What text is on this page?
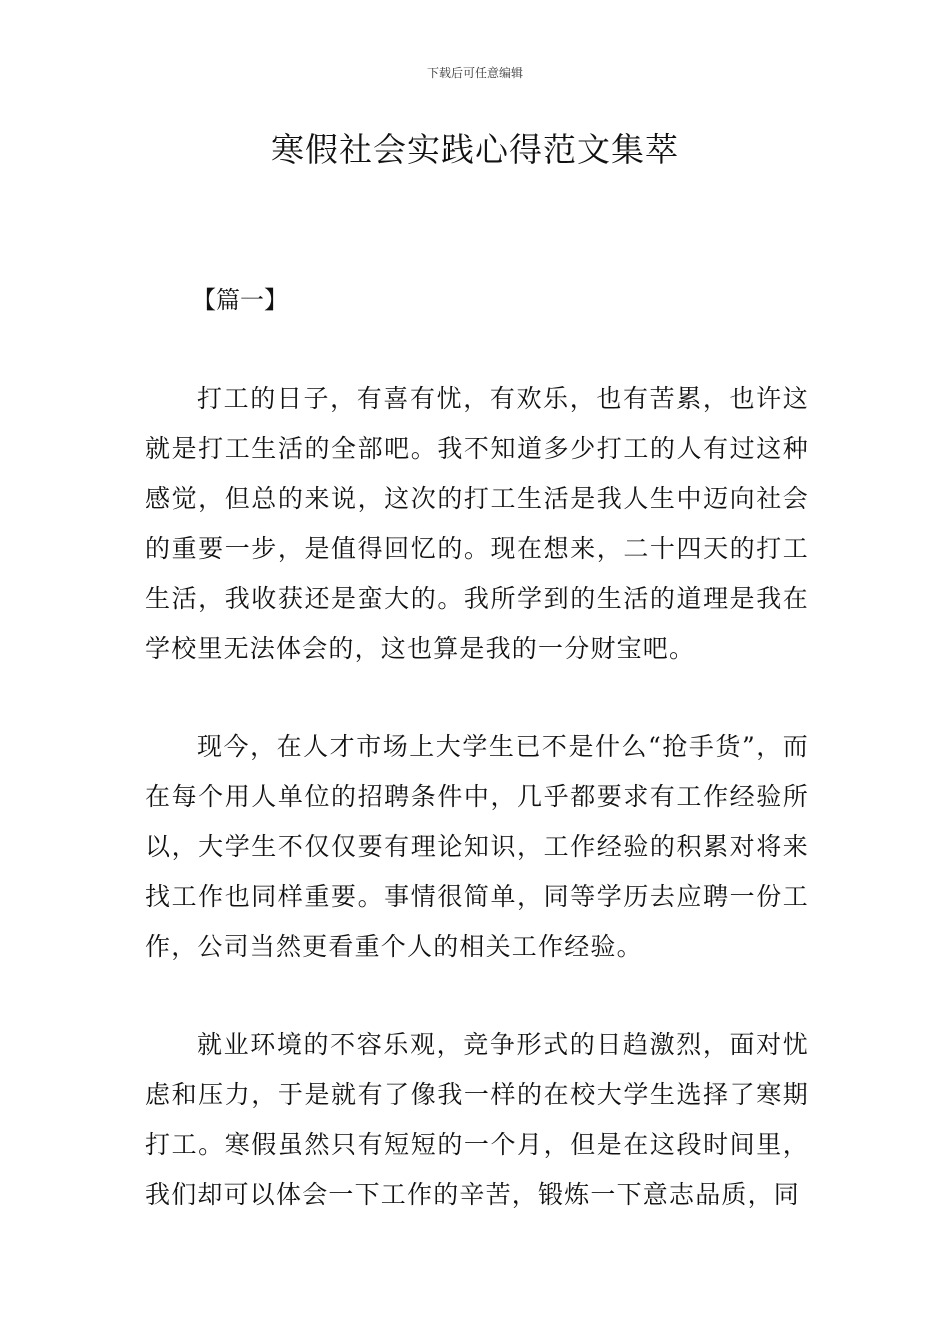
下载后可任意编辑
寒假社会实践心得范文集萃
【篇一】

打工的日子，有喜有忧，有欢乐，也有苦累，也许这就是打工生活的全部吧。我不知道多少打工的人有过这种感觉，但总的来说，这次的打工生活是我人生中迈向社会的重要一步，是值得回忆的。现在想来，二十四天的打工生活，我收获还是蛮大的。我所学到的生活的道理是我在学校里无法体会的，这也算是我的一分财宝吧。

现今，在人才市场上大学生已不是什么“抢手货”，而在每个用人单位的招聘条件中，几乎都要求有工作经验所以，大学生不仅仅要有理论知识，工作经验的积累对将来找工作也同样重要。事情很简单，同等学历去应聘一份工作，公司当然更看重个人的相关工作经验。

就业环境的不容乐观，竞争形式的日趋激烈，面对忧虑和压力，于是就有了像我一样的在校大学生选择了寒期打工。寒假虽然只有短短的一个月，但是在这段时间里，我们却可以体会一下工作的辛苦，锻炼一下意志品质，同
